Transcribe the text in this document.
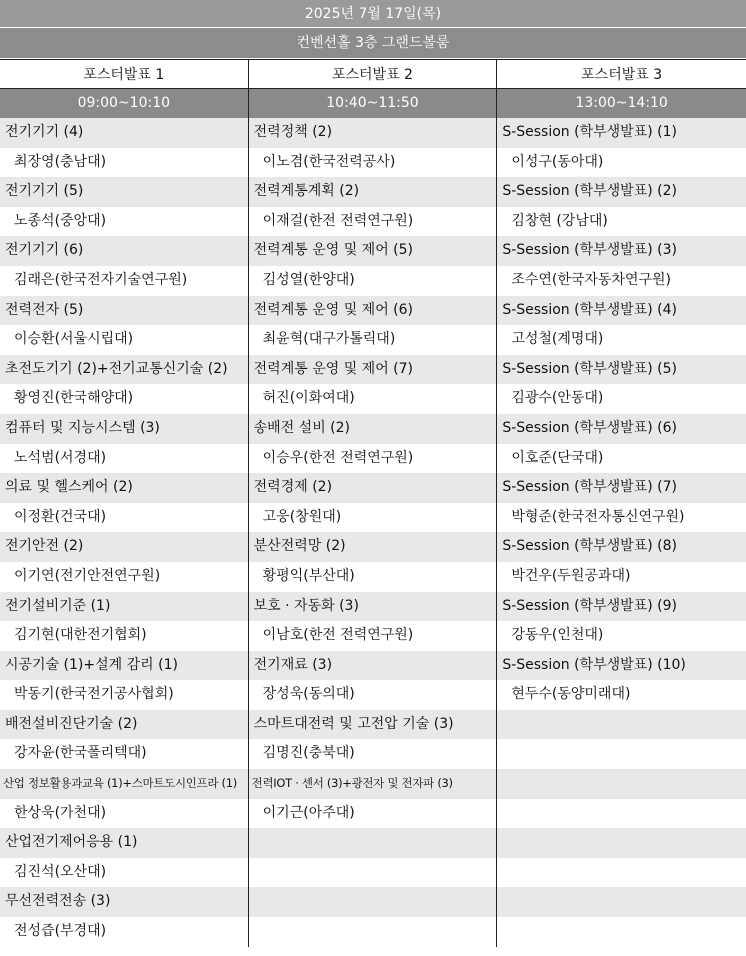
2025년 7월 17일(목)
컨벤션홀 3층 그랜드볼룸
포스터발표 1
09:00~10:10
전기기기 (4)
최장영(충남대)
전기기기 (5)
노종석(중앙대)
전기기기 (6)
김래은(한국전자기술연구원)
전력전자 (5)
이승환(서울시립대)
초전도기기 (2)+전기교통신기술 (2)
황영진(한국해양대)
컴퓨터 및 지능시스템 (3)
노석범(서경대)
의료 및 헬스케어 (2)
이정환(건국대)
전기안전 (2)
이기연(전기안전연구원)
전기설비기준 (1)
김기현(대한전기협회)
시공기술 (1)+설계 감리 (1)
박동기(한국전기공사협회)
배전설비진단기술 (2)
강자윤(한국폴리텍대)
산업 정보활용과교육 (1)+스마트도시인프라 (1)
한상욱(가천대)
산업전기제어응용 (1)
김진석(오산대)
무선전력전송 (3)
전성즙(부경대)
포스터발표 2
10:40~11:50
전력정책 (2)
이노겸(한국전력공사)
전력계통계획 (2)
이재걸(한전 전력연구원)
전력계통 운영 및 제어 (5)
김성열(한양대)
전력계통 운영 및 제어 (6)
최윤혁(대구가톨릭대)
전력계통 운영 및 제어 (7)
허진(이화여대)
송배전 설비 (2)
이승우(한전 전력연구원)
전력경제 (2)
고웅(창원대)
분산전력망 (2)
황평익(부산대)
보호 · 자동화 (3)
이남호(한전 전력연구원)
전기재료 (3)
장성욱(동의대)
스마트대전력 및 고전압 기술 (3)
김명진(충북대)
전력IOT · 센서 (3)+광전자 및 전자파 (3)
이기근(아주대)
포스터발표 3
13:00~14:10
S-Session (학부생발표) (1)
이성구(동아대)
S-Session (학부생발표) (2)
김창현 (강남대)
S-Session (학부생발표) (3)
조수연(한국자동차연구원)
S-Session (학부생발표) (4)
고성철(계명대)
S-Session (학부생발표) (5)
김광수(안동대)
S-Session (학부생발표) (6)
이호준(단국대)
S-Session (학부생발표) (7)
박형준(한국전자통신연구원)
S-Session (학부생발표) (8)
박건우(두원공과대)
S-Session (학부생발표) (9)
강동우(인천대)
S-Session (학부생발표) (10)
현두수(동양미래대)
